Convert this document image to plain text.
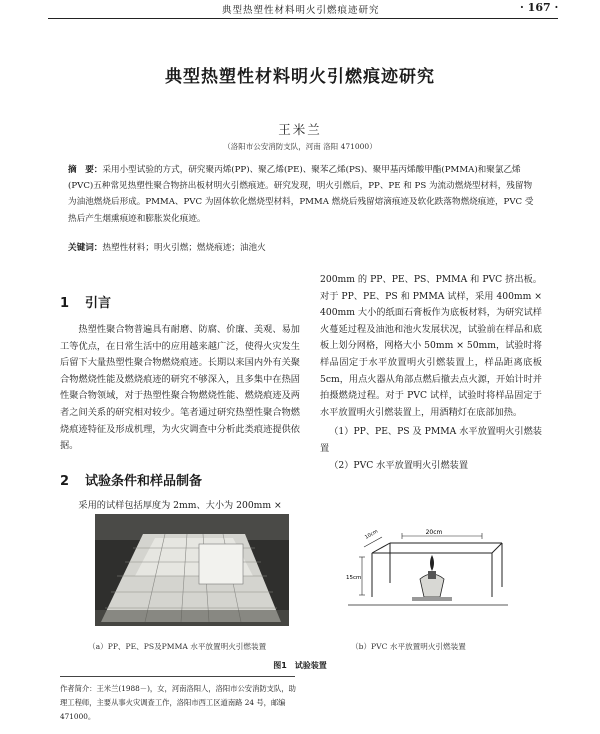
典型热塑性材料明火引燃痕迹研究	· 167 ·
典型热塑性材料明火引燃痕迹研究
王米兰
（洛阳市公安消防支队，河南 洛阳 471000）
摘　要：采用小型试验的方式，研究聚丙烯(PP)、聚乙烯(PE)、聚苯乙烯(PS)、聚甲基丙烯酸甲酯(PMMA)和聚氯乙烯(PVC)五种常见热塑性聚合物挤出板材明火引燃痕迹。研究发现，明火引燃后，PP、PE 和 PS 为流动燃烧型材料，残留物为油池燃烧后形成。PMMA、PVC 为固体软化燃烧型材料，PMMA 燃烧后残留熔滴痕迹及软化跌落物燃烧痕迹，PVC 受热后产生烟熏痕迹和膨胀炭化痕迹。
关键词：热塑性材料；明火引燃；燃烧痕迹；油池火
1 引言
热塑性聚合物普遍具有耐磨、防腐、价廉、美观、易加工等优点，在日常生活中的应用越来越广泛，使得火灾发生后留下大量热塑性聚合物燃烧痕迹。长期以来国内外有关聚合物燃烧性能及燃烧痕迹的研究不够深入，且多集中在热固性聚合物领域，对于热塑性聚合物燃烧性能、燃烧痕迹及两者之间关系的研究相对较少。笔者通过研究热塑性聚合物燃烧痕迹特征及形成机理，为火灾调查中分析此类痕迹提供依据。
2 试验条件和样品制备
采用的试样包括厚度为 2mm、大小为 200mm ×
200mm 的 PP、PE、PS、PMMA 和 PVC 挤出板。对于 PP、PE、PS 和 PMMA 试样，采用 400mm × 400mm 大小的纸面石膏板作为底板材料，为研究试样火蔓延过程及油池和池火发展状况，试验前在样品和底板上划分网格，网格大小 50mm × 50mm，试验时将样品固定于水平放置明火引燃装置上，样品距离底板 5cm，用点火器从角部点燃后撤去点火源，开始计时并拍摄燃烧过程。对于 PVC 试样，试验时将样品固定于水平放置明火引燃装置上，用酒精灯在底部加热。
（1）PP、PE、PS 及 PMMA 水平放置明火引燃装置
（2）PVC 水平放置明火引燃装置
20cm
10cm
15cm
（a）PP、PE、PS及PMMA 水平放置明火引燃装置	（b）PVC 水平放置明火引燃装置
图1　试验装置
作者简介：王米兰(1988－)，女，河南洛阳人，洛阳市公安消防支队，助理工程师，主要从事火灾调查工作，洛阳市西工区道南路 24 号，邮编 471000。
